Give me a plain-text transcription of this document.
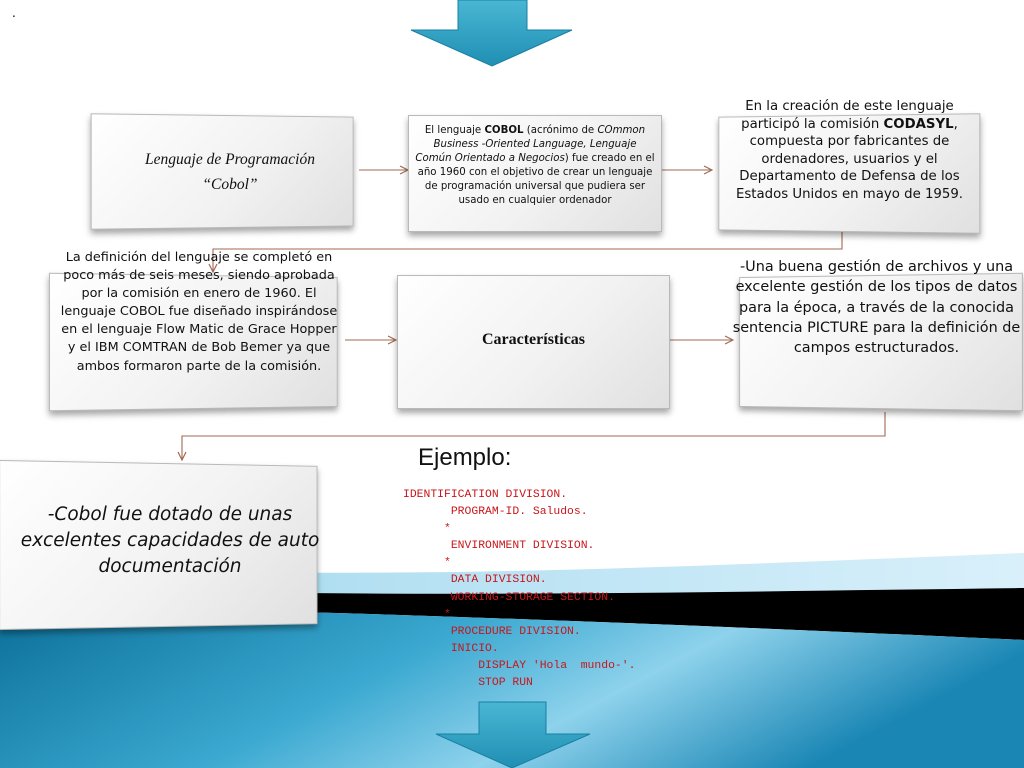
.
Lenguaje de Programación
“Cobol”
El lenguaje COBOL (acrónimo de COmmon Business -Oriented Language, Lenguaje Común Orientado a Negocios) fue creado en el año 1960 con el objetivo de crear un lenguaje de programación universal que pudiera ser usado en cualquier ordenador
En la creación de este lenguaje participó la comisión CODASYL, compuesta por fabricantes de ordenadores, usuarios y el Departamento de Defensa de los Estados Unidos en mayo de 1959.
La definición del lenguaje se completó en poco más de seis meses, siendo aprobada por la comisión en enero de 1960. El lenguaje COBOL fue diseñado inspirándose en el lenguaje Flow Matic de Grace Hopper y el IBM COMTRAN de Bob Bemer ya que ambos formaron parte de la comisión.
Características
-Una buena gestión de archivos y una excelente gestión de los tipos de datos para la época, a través de la conocida sentencia PICTURE para la definición de campos estructurados.
-Cobol fue dotado de unas excelentes capacidades de auto documentación
Ejemplo:
IDENTIFICATION DIVISION.
PROGRAM-ID. Saludos.
*
ENVIRONMENT DIVISION.
*
DATA DIVISION.
WORKING-STORAGE SECTION.
*
PROCEDURE DIVISION.
INICIO.
DISPLAY 'Hola  mundo-'.
STOP RUN
